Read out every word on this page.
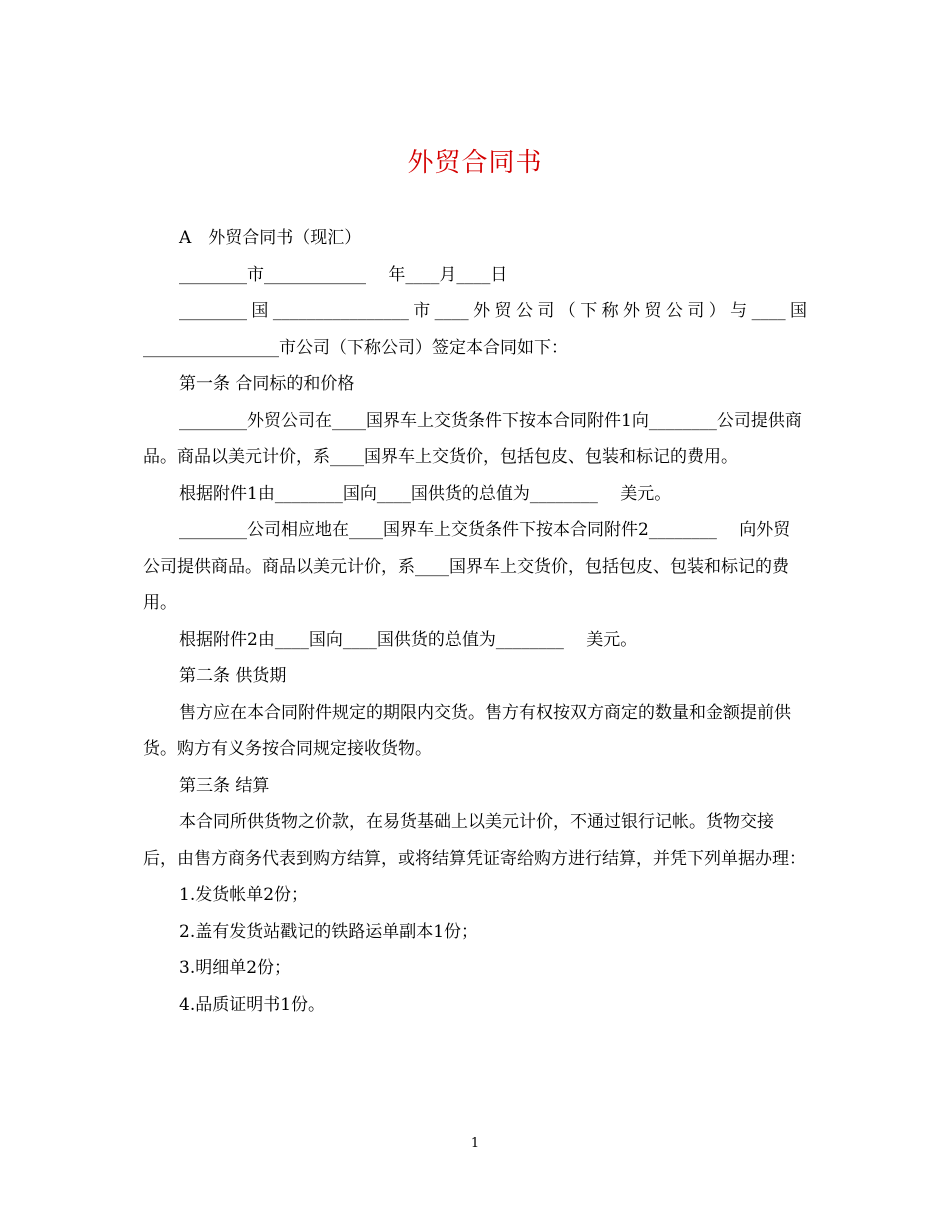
外贸合同书

A　外贸合同书（现汇）

________市____________　 年____月____日

________国________________市____外贸公司（下称外贸公司）与____国

________________市公司（下称公司）签定本合同如下：

第一条 合同标的和价格

________外贸公司在____国界车上交货条件下按本合同附件1向________公司提供商品。商品以美元计价，系____国界车上交货价，包括包皮、包装和标记的费用。

根据附件1由________国向____国供货的总值为________　 美元。

________公司相应地在____国界车上交货条件下按本合同附件2________　 向外贸公司提供商品。商品以美元计价，系____国界车上交货价，包括包皮、包装和标记的费用。

根据附件2由____国向____国供货的总值为________　 美元。

第二条 供货期

售方应在本合同附件规定的期限内交货。售方有权按双方商定的数量和金额提前供货。购方有义务按合同规定接收货物。

第三条 结算

本合同所供货物之价款，在易货基础上以美元计价，不通过银行记帐。货物交接后，由售方商务代表到购方结算，或将结算凭证寄给购方进行结算，并凭下列单据办理：

1.发货帐单2份；

2.盖有发货站戳记的铁路运单副本1份；

3.明细单2份；

4.品质证明书1份。

1
